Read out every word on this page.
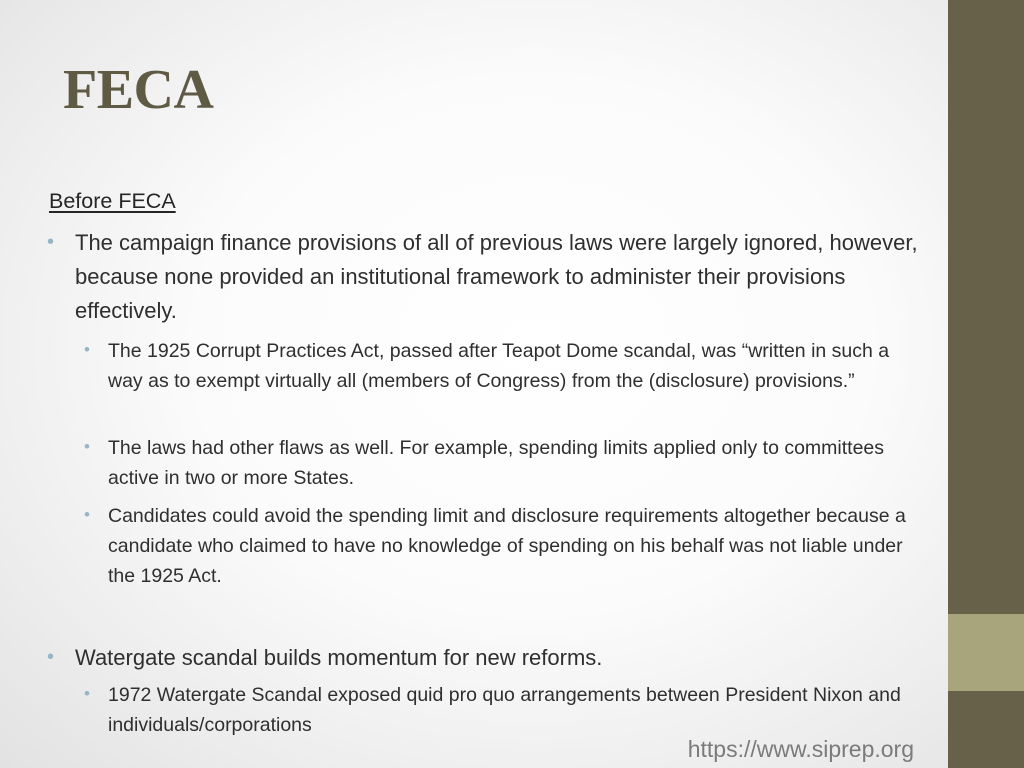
FECA
Before FECA
• The campaign finance provisions of all of previous laws were largely ignored, however, because none provided an institutional framework to administer their provisions effectively.
• The 1925 Corrupt Practices Act, passed after Teapot Dome scandal, was “written in such a way as to exempt virtually all (members of Congress) from the (disclosure) provisions.”
• The laws had other flaws as well. For example, spending limits applied only to committees active in two or more States.
• Candidates could avoid the spending limit and disclosure requirements altogether because a candidate who claimed to have no knowledge of spending on his behalf was not liable under the 1925 Act.
• Watergate scandal builds momentum for new reforms.
• 1972 Watergate Scandal exposed quid pro quo arrangements between President Nixon and individuals/corporations
https://www.siprep.org
